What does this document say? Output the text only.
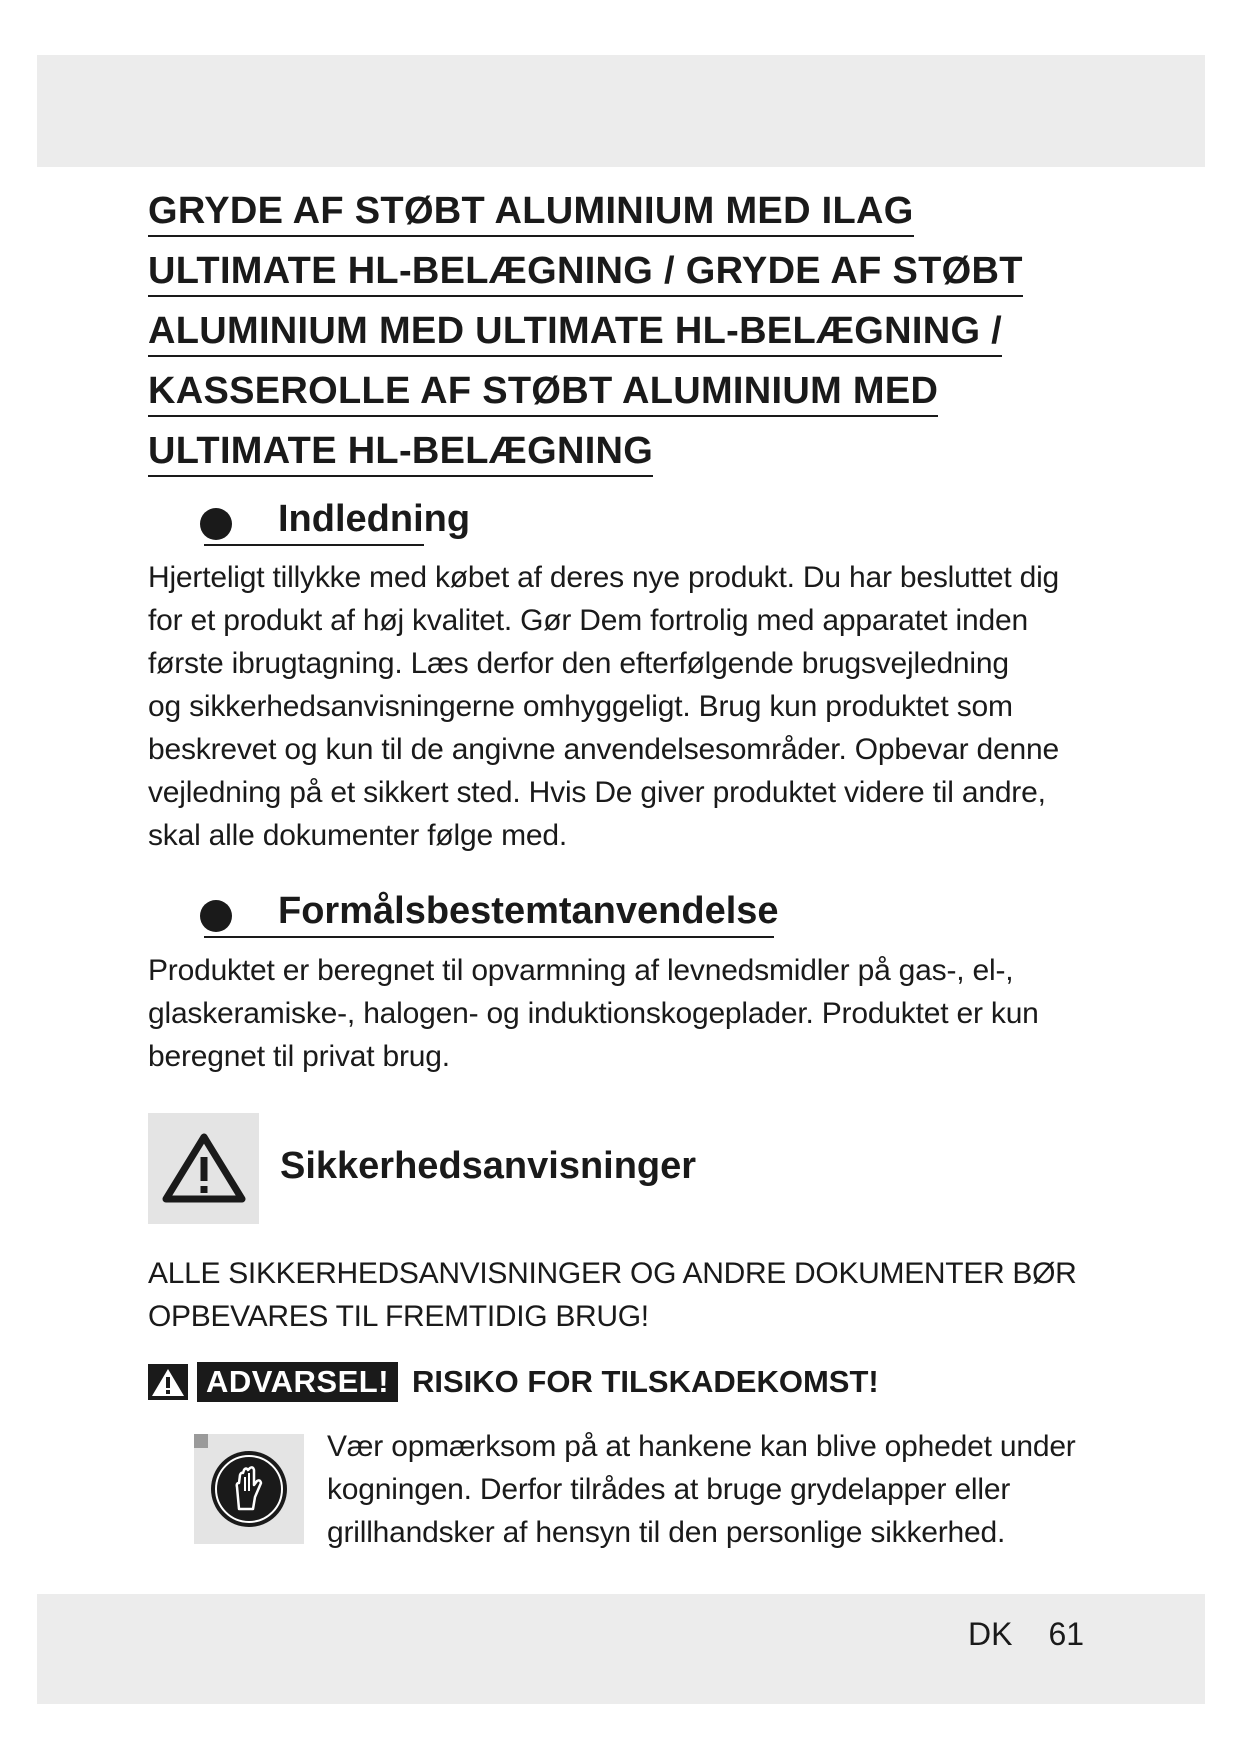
GRYDE AF STØBT ALUMINIUM MED ILAG
ULTIMATE HL-BELÆGNING / GRYDE AF STØBT
ALUMINIUM MED ULTIMATE HL-BELÆGNING /
KASSEROLLE AF STØBT ALUMINIUM MED
ULTIMATE HL-BELÆGNING
Indledning

Hjerteligt tillykke med købet af deres nye produkt. Du har besluttet dig

for et produkt af høj kvalitet. Gør Dem fortrolig med apparatet inden

første ibrugtagning. Læs derfor den efterfølgende brugsvejledning

og sikkerhedsanvisningerne omhyggeligt. Brug kun produktet som

beskrevet og kun til de angivne anvendelsesområder. Opbevar denne

vejledning på et sikkert sted. Hvis De giver produktet videre til andre,

skal alle dokumenter følge med.

Formålsbestemtanvendelse

Produktet er beregnet til opvarmning af levnedsmidler på gas-, el-,

glaskeramiske-, halogen- og induktionskogeplader. Produktet er kun

beregnet til privat brug.

Sikkerhedsanvisninger

ALLE SIKKERHEDSANVISNINGER OG ANDRE DOKUMENTER BØR

OPBEVARES TIL FREMTIDIG BRUG!

ADVARSEL! RISIKO FOR TILSKADEKOMST!

Vær opmærksom på at hankene kan blive ophedet under

kogningen. Derfor tilrådes at bruge grydelapper eller

grillhandsker af hensyn til den personlige sikkerhed.

DK 61
